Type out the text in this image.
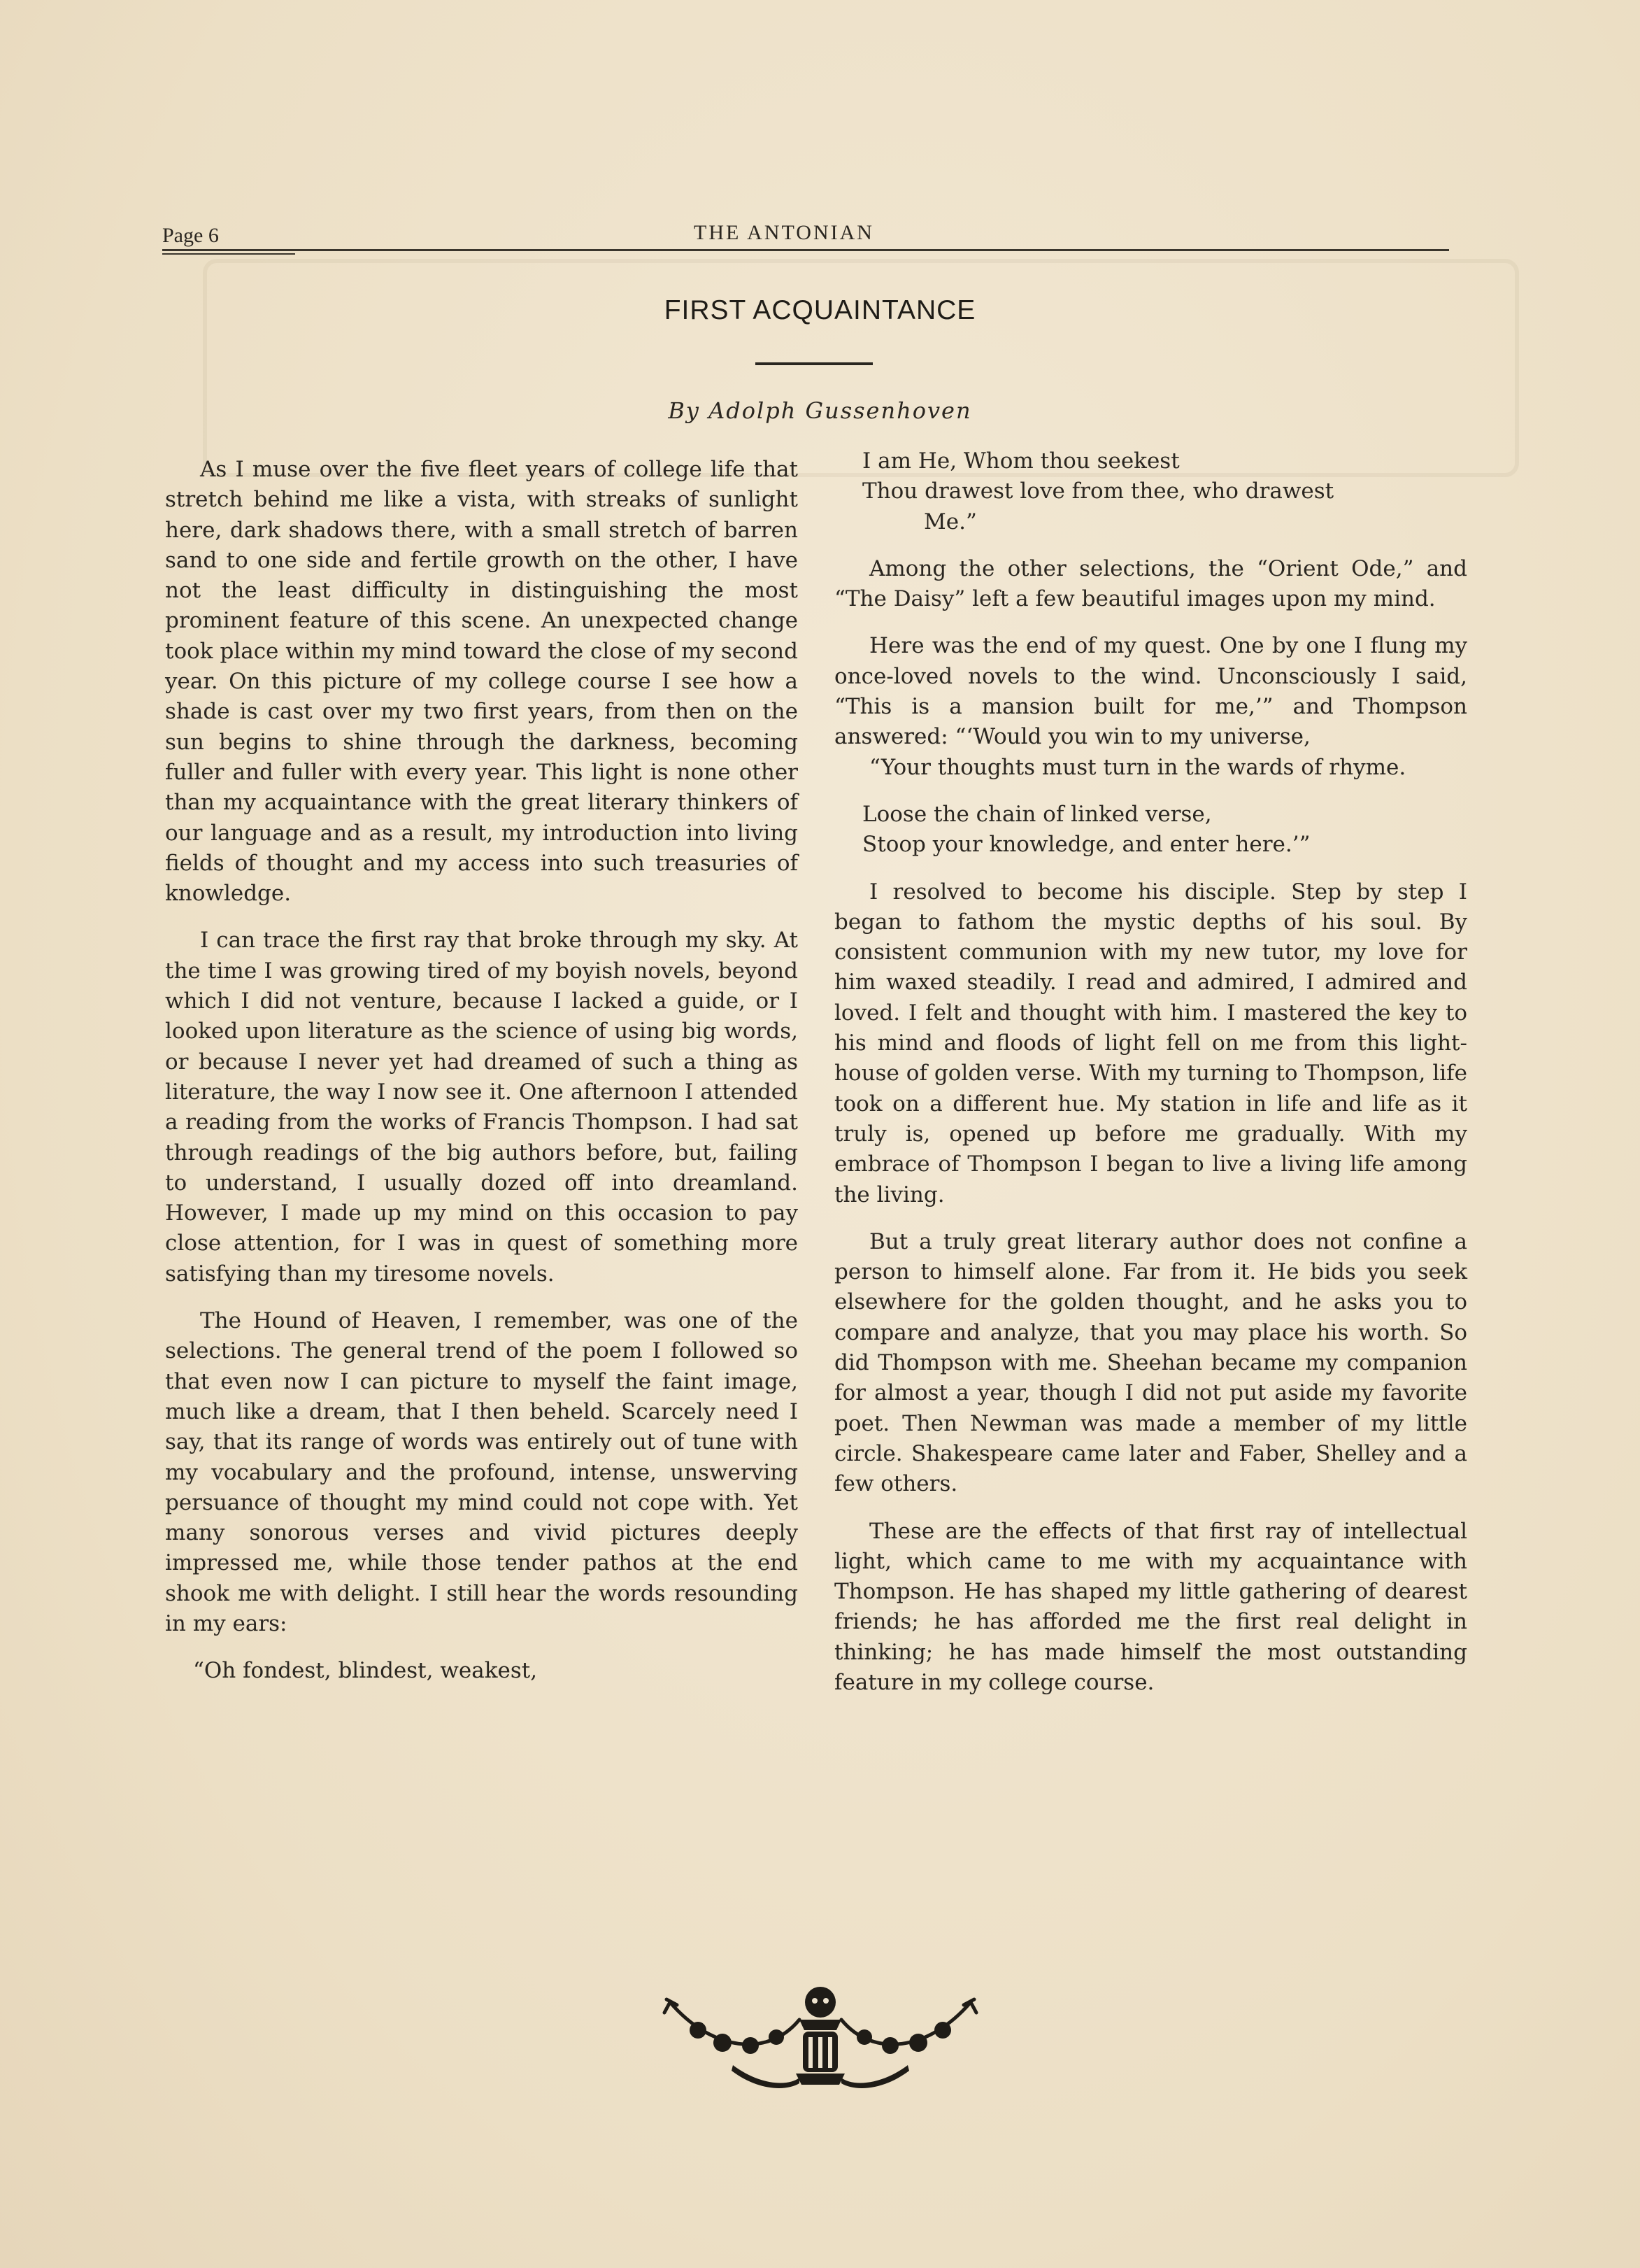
Page 6	THE ANTONIAN
FIRST ACQUAINTANCE
By Adolph Gussenhoven

As I muse over the five fleet years of college life that stretch behind me like a vista, with streaks of sunlight here, dark shadows there, with a small stretch of barren sand to one side and fertile growth on the other, I have not the least difficulty in distinguishing the most prominent feature of this scene. An unexpected change took place within my mind toward the close of my second year. On this picture of my college course I see how a shade is cast over my two first years, from then on the sun begins to shine through the darkness, becoming fuller and fuller with every year. This light is none other than my acquaintance with the great literary thinkers of our language and as a result, my introduction into living fields of thought and my access into such treasuries of knowledge.

I can trace the first ray that broke through my sky. At the time I was growing tired of my boyish novels, beyond which I did not venture, because I lacked a guide, or I looked upon literature as the science of using big words, or because I never yet had dreamed of such a thing as literature, the way I now see it. One afternoon I attended a reading from the works of Francis Thompson. I had sat through readings of the big authors before, but, failing to understand, I usually dozed off into dreamland. However, I made up my mind on this occasion to pay close attention, for I was in quest of something more satisfying than my tiresome novels.

The Hound of Heaven, I remember, was one of the selections. The general trend of the poem I followed so that even now I can picture to myself the faint image, much like a dream, that I then beheld. Scarcely need I say, that its range of words was entirely out of tune with my vocabulary and the profound, intense, unswerving persuance of thought my mind could not cope with. Yet many sonorous verses and vivid pictures deeply impressed me, while those tender pathos at the end shook me with delight. I still hear the words resounding in my ears:

“Oh fondest, blindest, weakest,

I am He, Whom thou seekest

Thou drawest love from thee, who drawest

Me.”

Among the other selections, the “Orient Ode,” and “The Daisy” left a few beautiful images upon my mind.

Here was the end of my quest. One by one I flung my once-loved novels to the wind. Unconsciously I said, “This is a mansion built for me,’” and Thompson answered: “‘Would you win to my universe,

“Your thoughts must turn in the wards of rhyme.

Loose the chain of linked verse,

Stoop your knowledge, and enter here.’”

I resolved to become his disciple. Step by step I began to fathom the mystic depths of his soul. By consistent communion with my new tutor, my love for him waxed steadily. I read and admired, I admired and loved. I felt and thought with him. I mastered the key to his mind and floods of light fell on me from this light-house of golden verse. With my turning to Thompson, life took on a different hue. My station in life and life as it truly is, opened up before me gradually. With my embrace of Thompson I began to live a living life among the living.

But a truly great literary author does not confine a person to himself alone. Far from it. He bids you seek elsewhere for the golden thought, and he asks you to compare and analyze, that you may place his worth. So did Thompson with me. Sheehan became my companion for almost a year, though I did not put aside my favorite poet. Then Newman was made a member of my little circle. Shakespeare came later and Faber, Shelley and a few others.

These are the effects of that first ray of intellectual light, which came to me with my acquaintance with Thompson. He has shaped my little gathering of dearest friends; he has afforded me the first real delight in thinking; he has made himself the most outstanding feature in my college course.
